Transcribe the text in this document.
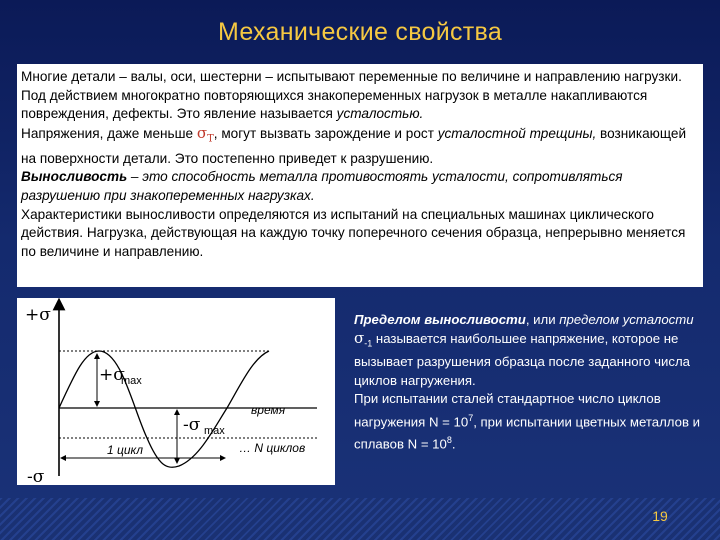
Механические свойства

Многие детали – валы, оси, шестерни – испытывают переменные по величине и направлению нагрузки. Под действием многократно повторяющихся знакопеременных нагрузок в металле накапливаются повреждения, дефекты. Это явление называется усталостью.

Напряжения, даже меньше $\sigma_Т$, могут вызвать зарождение и рост усталостной трещины, возникающей на поверхности детали. Это постепенно приведет к разрушению.

Выносливость – это способность металла противостоять усталости, сопротивляться разрушению при знакопеременных нагрузках.

Характеристики выносливости определяются из испытаний на специальных машинах циклического действия. Нагрузка, действующая на каждую точку поперечного сечения образца, непрерывно меняется по величине и направлению.

+σ
-σ
+σ
max
-σ max
время
1 цикл	… N циклов

Пределом выносливости, или пределом усталости $\sigma_{-1}$ называется наибольшее напряжение, которое не вызывает разрушения образца после заданного числа циклов нагружения.

При испытании сталей стандартное число циклов нагружения $N = 10^7$, при испытании цветных металлов и сплавов $N = 10^8$.

19
